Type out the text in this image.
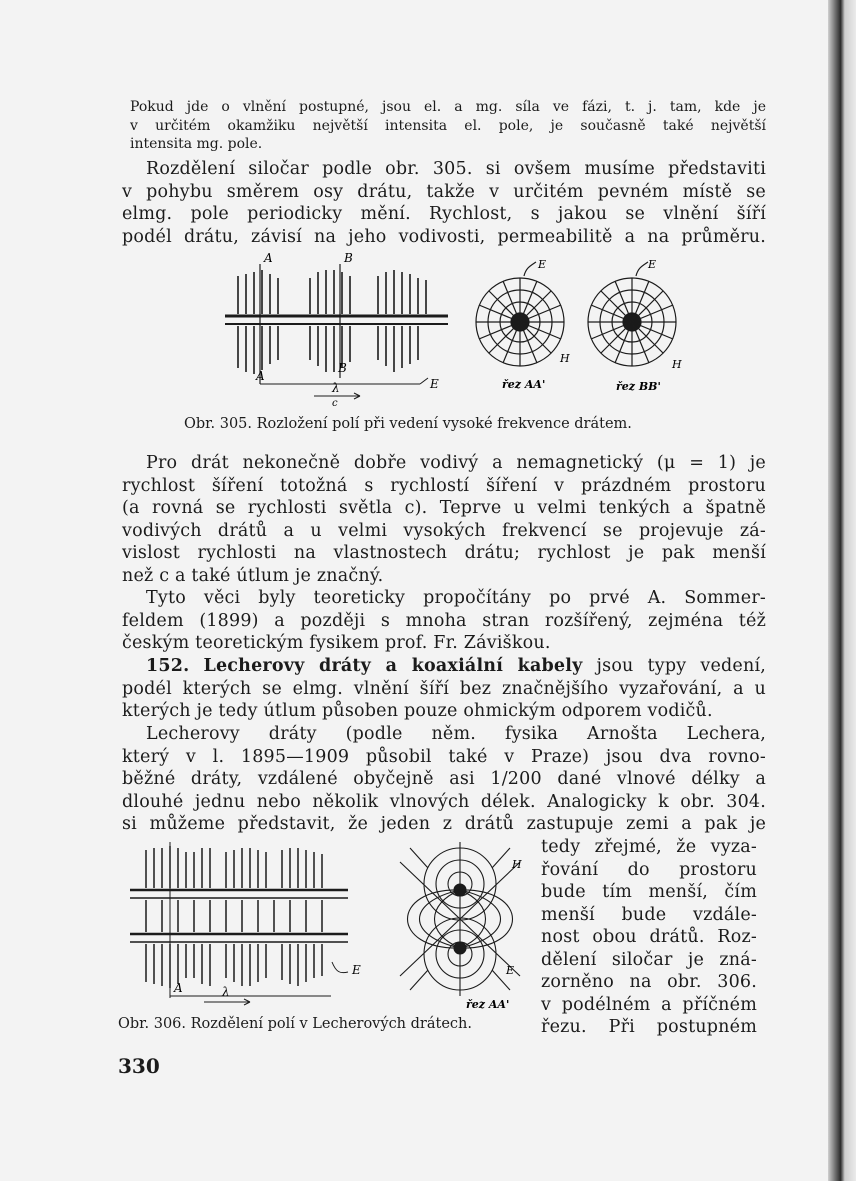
Pokud jde o vlnění postupné, jsou el. a mg. síla ve fázi, t. j. tam, kde je
v určitém okamžiku největší intensita el. pole, je současně také největší
intensita mg. pole.
Rozdělení siločar podle obr. 305. si ovšem musíme představiti
v pohybu směrem osy drátu, takže v určitém pevném místě se
elmg. pole periodicky mění. Rychlost, s jakou se vlnění šíří
podél drátu, závisí na jeho vodivosti, permeabilitě a na průměru.
A	B
A
B
E
λ
c
E	E
H	H
řez AA'	řez BB'
Obr. 305. Rozložení polí při vedení vysoké frekvence drátem.
Pro drát nekonečně dobře vodivý a nemagnetický (μ = 1) je
rychlost šíření totožná s rychlostí šíření v prázdném prostoru
(a rovná se rychlosti světla c). Teprve u velmi tenkých a špatně
vodivých drátů a u velmi vysokých frekvencí se projevuje zá-
vislost rychlosti na vlastnostech drátu; rychlost je pak menší
než c a také útlum je značný.
Tyto věci byly teoreticky propočítány po prvé A. Sommer-
feldem (1899) a později s mnoha stran rozšířený, zejména též
českým teoretickým fysikem prof. Fr. Záviškou.
152. Lecherovy dráty a koaxiální kabely jsou typy vedení,
podél kterých se elmg. vlnění šíří bez značnějšího vyzařování, a u
kterých je tedy útlum působen pouze ohmickým odporem vodičů.
Lecherovy dráty (podle něm. fysika Arnošta Lechera,
který v l. 1895—1909 působil také v Praze) jsou dva rovno-
běžné dráty, vzdálené obyčejně asi 1/200 dané vlnové délky a
dlouhé jednu nebo několik vlnových délek. Analogicky k obr. 304.
si můžeme představit, že jeden z drátů zastupuje zemi a pak je
tedy zřejmé, že vyza-
řování do prostoru
bude tím menší, čím
menší bude vzdále-
nost obou drátů. Roz-
dělení siločar je zná-
zorněno na obr. 306.
v podélném a příčném
řezu. Při postupném
A
E
λ
H
E
řez AA'
Obr. 306. Rozdělení polí v Lecherových drátech.
330
